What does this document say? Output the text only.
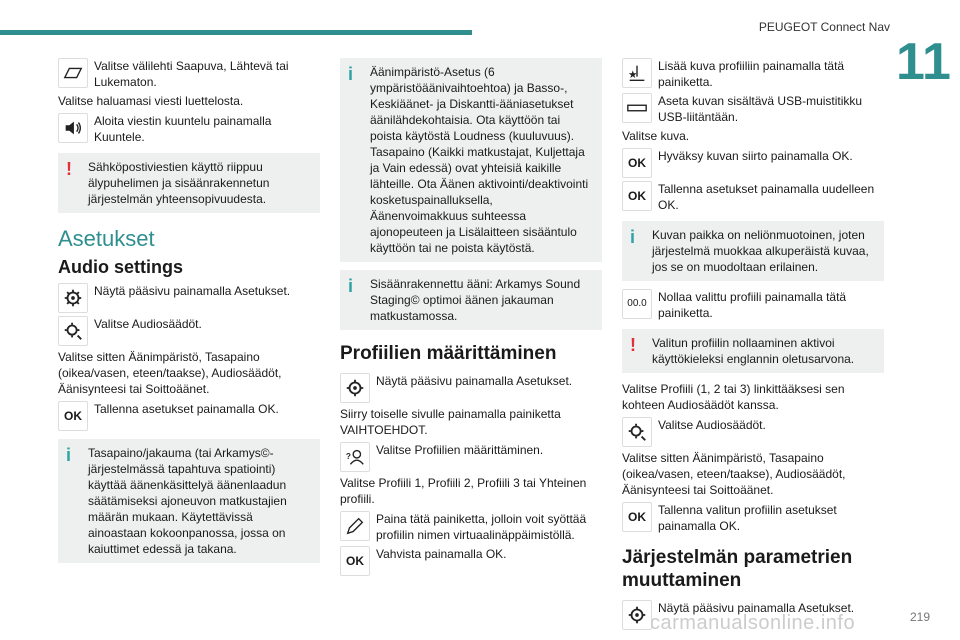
PEUGEOT Connect Nav
11
Valitse välilehti Saapuva, Lähtevä tai Lukematon.

Valitse haluamasi viesti luettelosta.

Aloita viestin kuuntelu painamalla Kuuntele.
!	Sähköpostiviestien käyttö riippuu älypuhelimen ja sisäänrakennetun järjestelmän yhteensopivuudesta.
Asetukset
Audio settings
Näytä pääsivu painamalla Asetukset.
Valitse Audiosäädöt.

Valitse sitten Äänimpäristö, Tasapaino (oikea/vasen, eteen/taakse), Audiosäädöt, Äänisynteesi tai Soittoäänet.

OK	Tallenna asetukset painamalla OK.
i	Tasapaino/jakauma (tai Arkamys©-järjestelmässä tapahtuva spatiointi) käyttää äänenkäsittelyä äänenlaadun säätämiseksi ajoneuvon matkustajien määrän mukaan. Käytettävissä ainoastaan kokoonpanossa, jossa on kaiuttimet edessä ja takana.
i	Äänimpäristö-Asetus (6 ympäristöäänivaihtoehtoa) ja Basso-, Keskiäänet- ja Diskantti-ääniasetukset äänilähdekohtaisia. Ota käyttöön tai poista käytöstä Loudness (kuuluvuus). Tasapaino (Kaikki matkustajat, Kuljettaja ja Vain edessä) ovat yhteisiä kaikille lähteille. Ota Äänen aktivointi/deaktivointi kosketuspainalluksella, Äänenvoimakkuus suhteessa ajonopeuteen ja Lisälaitteen sisääntulo käyttöön tai ne poista käytöstä.
i	Sisäänrakennettu ääni: Arkamys Sound Staging© optimoi äänen jakauman matkustamossa.
Profiilien määrittäminen
Näytä pääsivu painamalla Asetukset.

Siirry toiselle sivulle painamalla painiketta VAIHTOEHDOT.

? Valitse Profiilien määrittäminen.

Valitse Profiili 1, Profiili 2, Profiili 3 tai Yhteinen profiili.

Paina tätä painiketta, jolloin voit syöttää profiilin nimen virtuaalinäppäimistöllä.
OK	Vahvista painamalla OK.
★
Lisää kuva profiiliin painamalla tätä painiketta.
Aseta kuvan sisältävä USB-muistitikku USB-liitäntään.

Valitse kuva.

OK	Hyväksy kuvan siirto painamalla OK.
OK	Tallenna asetukset painamalla uudelleen OK.
i	Kuvan paikka on neliönmuotoinen, joten järjestelmä muokkaa alkuperäistä kuvaa, jos se on muodoltaan erilainen.
00.0 Nollaa valittu profiili painamalla tätä painiketta.
!	Valitun profiilin nollaaminen aktivoi käyttökieleksi englannin oletusarvona.

Valitse Profiili (1, 2 tai 3) linkittääksesi sen kohteen Audiosäädöt kanssa.

Valitse Audiosäädöt.

Valitse sitten Äänimpäristö, Tasapaino (oikea/vasen, eteen/taakse), Audiosäädöt, Äänisynteesi tai Soittoäänet.

OK	Tallenna valitun profiilin asetukset painamalla OK.
Järjestelmän parametrien muuttaminen
Näytä pääsivu painamalla Asetukset.
219
carmanualsonline.info
